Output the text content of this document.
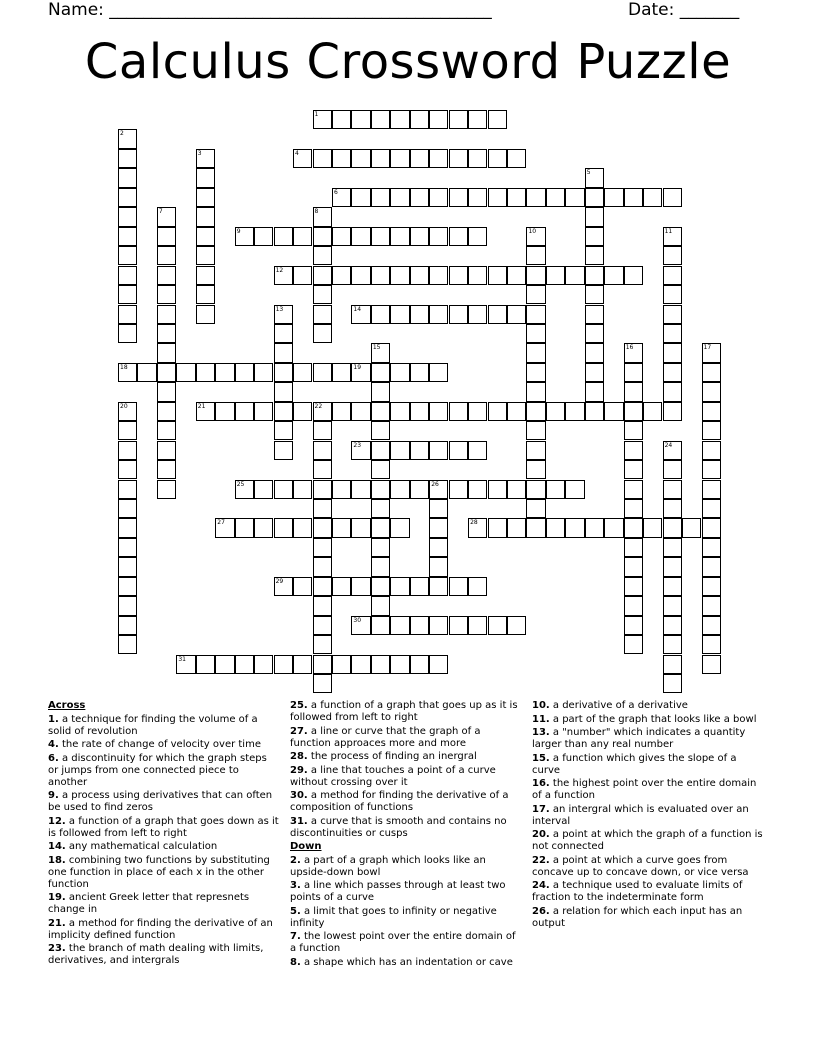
Name: _____________________________________________	Date: _______
Calculus Crossword Puzzle
1
2
3	4
5
6
7	8
9	10	11
12
13	14
15	16	17
18	19
20	21	22
23	24
25	26
27	28
29
30
31
Across
1. a technique for finding the volume of a solid of revolution
4. the rate of change of velocity over time
6. a discontinuity for which the graph steps or jumps from one connected piece to another
9. a process using derivatives that can often be used to find zeros
12. a function of a graph that goes down as it is followed from left to right
14. any mathematical calculation
18. combining two functions by substituting one function in place of each x in the other function
19. ancient Greek letter that represnets change in
21. a method for finding the derivative of an implicity defined function
23. the branch of math dealing with limits, derivatives, and intergrals
25. a function of a graph that goes up as it is followed from left to right
27. a line or curve that the graph of a function approaces more and more
28. the process of finding an inergral
29. a line that touches a point of a curve without crossing over it
30. a method for finding the derivative of a composition of functions
31. a curve that is smooth and contains no discontinuities or cusps
Down
2. a part of a graph which looks like an upside-down bowl
3. a line which passes through at least two points of a curve
5. a limit that goes to infinity or negative infinity
7. the lowest point over the entire domain of a function
8. a shape which has an indentation or cave
10. a derivative of a derivative
11. a part of the graph that looks like a bowl
13. a "number" which indicates a quantity larger than any real number
15. a function which gives the slope of a curve
16. the highest point over the entire domain of a function
17. an intergral which is evaluated over an interval
20. a point at which the graph of a function is not connected
22. a point at which a curve goes from concave up to concave down, or vice versa
24. a technique used to evaluate limits of fraction to the indeterminate form
26. a relation for which each input has an output
